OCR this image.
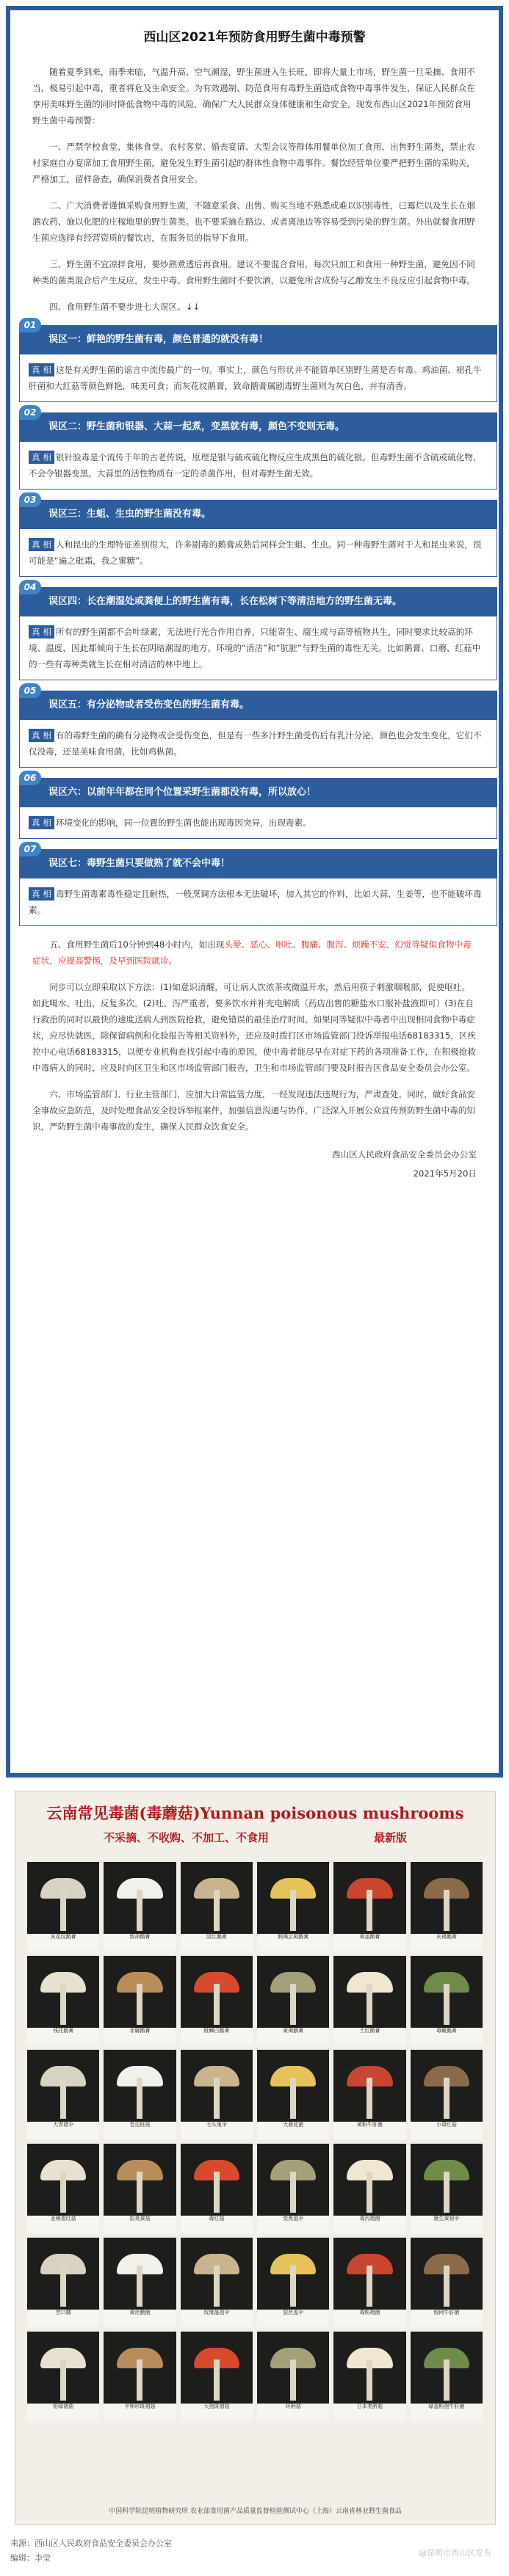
西山区2021年预防食用野生菌中毒预警

随着夏季到来，雨季来临，气温升高、空气潮湿，野生菌进入生长旺，即将大量上市场，野生菌一旦采摘、食用不当，极易引起中毒，重者将危及生命安全。为有效遏制、防范食用有毒野生菌造成食物中毒事件发生，保证人民群众在享用美味野生菌的同时降低食物中毒的风险，确保广大人民群众身体健康和生命安全，现发布西山区2021年预防食用野生菌中毒预警：

一、严禁学校食堂、集体食堂、农村客堂、婚丧宴请、大型会议等群体用餐单位加工食用、出售野生菌类，禁止农村家庭自办宴席加工食用野生菌，避免发生野生菌引起的群体性食物中毒事件。餐饮经营单位要严把野生菌的采购关，严格加工，留样备查，确保消费者食用安全。

二、广大消费者谨慎采购食用野生菌，不随意采食、出售、购买当地不熟悉或难以识别毒性，已霉烂以及生长在烟酒农药、施以化肥的庄稼地里的野生菌类。也不要采摘在路边、或者离池边等容易受到污染的野生菌。外出就餐食用野生菌应选择有经营资质的餐饮店，在服务员的指导下食用。

三、野生菌不宜凉拌食用，要炒熟煮透后再食用。建议不要混合食用，每次只加工和食用一种野生菌，避免因不同种类的菌类混合后产生反应，发生中毒。食用野生菌时不要饮酒，以避免所含成份与乙醇发生不良反应引起食物中毒。

四、食用野生菌不要步进七大误区。↓↓

01
误区一：鲜艳的野生菌有毒，颜色普通的就没有毒！
真 相 这是有关野生菌的谣言中流传最广的一句。事实上，颜色与形状并不能简单区别野生菌是否有毒。鸡油菌、裙孔牛肝菌和大红菇等颜色鲜艳，味美可食；而灰花纹鹅膏，致命鹅膏属剧毒野生菌则为灰白色，并有清香。
02
误区二：野生菌和银器、大蒜一起煮，变黑就有毒，颜色不变则无毒。
真 相 银针验毒是个流传千年的古老传说，原理是银与硫或硫化物反应生成黑色的硫化银。但毒野生菌不含硫或硫化物，不会令银器变黑。大蒜里的活性物质有一定的杀菌作用，但对毒野生菌无效。
03
误区三：生蛆、生虫的野生菌没有毒。
真 相 人和昆虫的生理特征差别很大，许多剧毒的鹅膏成熟后同样会生蛆、生虫。同一种毒野生菌对于人和昆虫来说，很可能是“遍之砒霜，我之蜜糖”。
04
误区四：长在潮湿处或粪便上的野生菌有毒，长在松树下等清洁地方的野生菌无毒。
真 相 所有的野生菌都不会叶绿素，无法进行光合作用自养，只能寄生、腐生或与高等植物共生，同时要求比较高的环境、温度，因此都倾向于生长在阴暗潮湿的地方。环境的“清洁”和“肮脏”与野生菌的毒性无关。比如鹅膏、口蘑、红菇中的一些有毒种类就生长在相对清洁的林中地上。
05
误区五：有分泌物或者受伤变色的野生菌有毒。
真 相 有的毒野生菌的确有分泌物或会受伤变色，但是有一些多汁野生菌受伤后有乳汁分泌，颜色也会发生变化，它们不仅没毒，还是美味食用菌，比如鸡枞菌。
06
误区六：以前年年都在同个位置采野生菌都没有毒，所以放心！
真 相 环境变化的影响，同一位置的野生菌也能出现毒因突异，出现毒素。
07
误区七：毒野生菌只要做熟了就不会中毒！
真 相 毒野生菌毒素毒性稳定且耐热，一般烹调方法根本无法破坏，加入其它的作料，比如大蒜、生姜等，也不能破坏毒素。

五、食用野生菌后10分钟到48小时内，如出现头晕、恶心、呕吐、腹痛、腹泻、烦躁不安、幻觉等疑似食物中毒症状，应提高警惕，及早到医院就诊。

同步可以立即采取以下方法：(1)如意识清醒，可让病人饮浓茶或微温开水，然后用筷子刺激咽喉部，促使呕吐。如此喝水、吐出，反复多次。(2)吐、泻严重者，要多饮水并补充电解质（药店出售的糖盐水口服补盐液即可）(3)在自行救治的同时以最快的速度送病人到医院抢救，避免错误的最佳治疗时间。如果同等疑似中毒者中出现相同食物中毒症状，应尽快就医，除保留病例和化验报告等相关资料外，还应及时拨打区市场监管部门投诉举报电话68183315，区疾控中心电话68183315，以便专业机构查找引起中毒的原因，使中毒者能尽早在对症下药的各项准备工作，在积极抢救中毒病人的同时，应及时向区卫生和区市场监管部门报告，卫生和市场监管部门要及时报告区食品安全委员会办公室。

六、市场监管部门、行业主管部门，应加大日常监管力度，一经发现违法违规行为，严肃查处。同时，做好食品安全事故应急防范，及时处理食品安全投诉举报案件，加强信息沟通与协作，广泛深入开展公众宣传预防野生菌中毒的知识，严防野生菌中毒事故的发生，确保人民群众饮食安全。

西山区人民政府食品安全委员会办公室
2021年5月20日
云南常见毒菌(毒蘑菇)Yunnan poisonous mushrooms
不采摘、不收购、不加工、不食用	最新版
灰花纹鹅膏	致命鹅膏	淡红鹅膏	假褐云斑鹅膏	黄盖鹅膏	灰褐鹅膏
残托鹅膏	赤脚鹅膏	锥鳞白鹅膏	黄褐鹅膏	土红鹅膏	毒蝇鹅膏
大青褶伞	卷边桩菇	毛头鬼伞	大鹿花菌	黄粉牛肝菌	小毒红菇
亚稀褶红菇	拟臭黄菇	毒红菇	变黑湿伞	毒沟褶菌	簇生黄韧伞
苦口蘑	黄丝膜菌	纹缘盔孢伞	裂丝盖伞	毒粉褶菌	细网牛肝菌
铅绿褶菇	半卵形斑褶菇	大孢斑褶菇	环柄菇	日本类脐菇	绿盖粉孢牛肝菌
中国科学院昆明植物研究所 农业部食用菌产品质量监督检验测试中心（上海）云南省林业野生菌食品
来源：西山区人民政府食品安全委员会办公室
编辑：李莹
@昆明市西山区发布
